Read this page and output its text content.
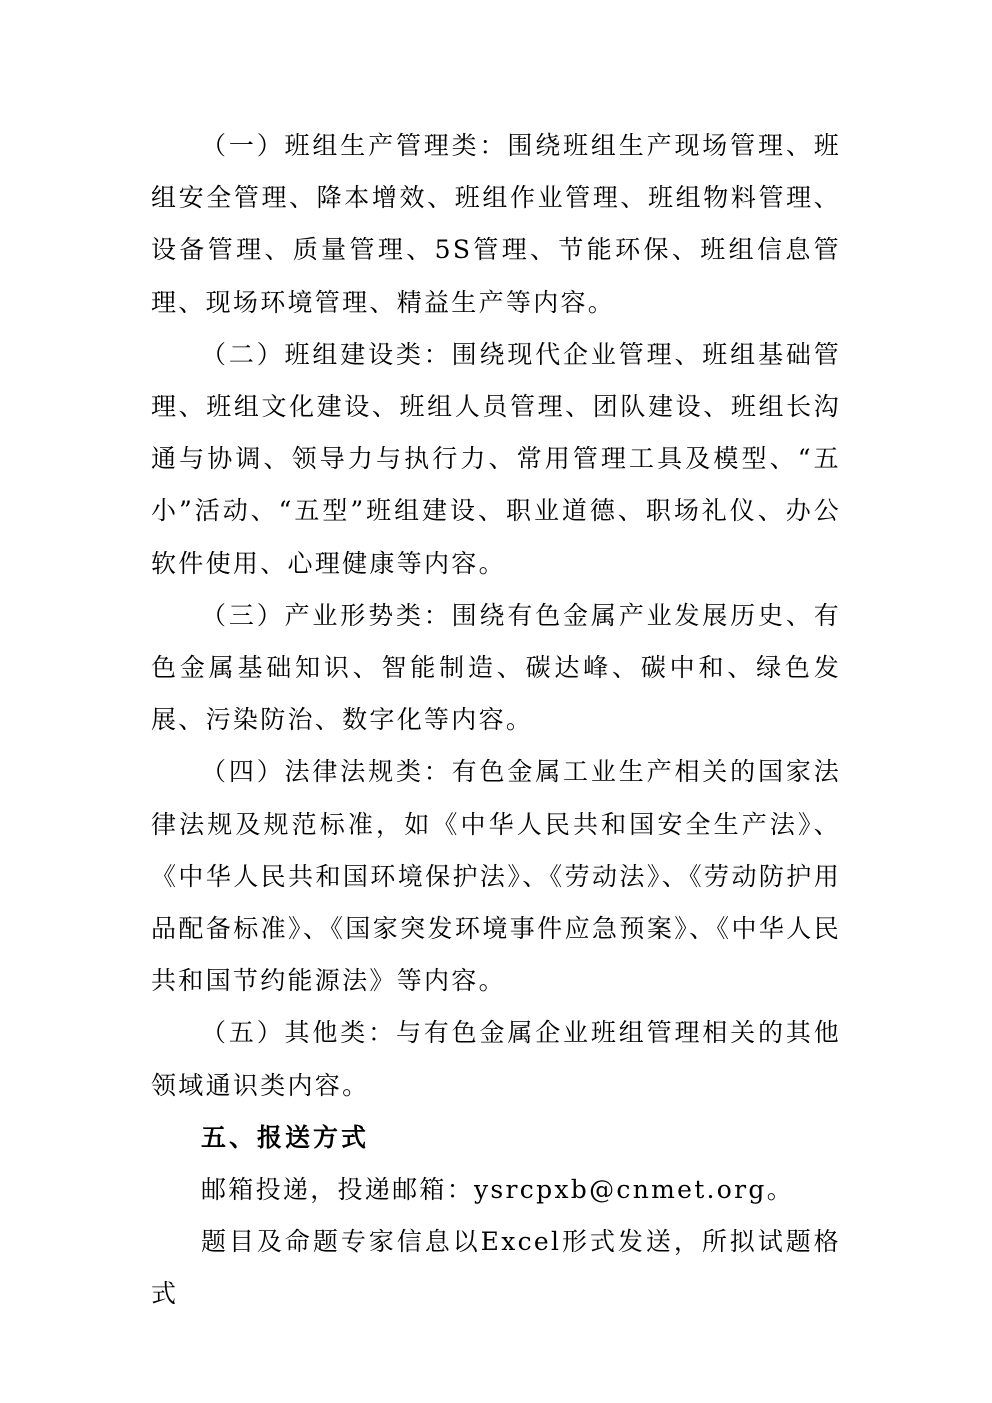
（一）班组生产管理类：围绕班组生产现场管理、班组安全管理、降本增效、班组作业管理、班组物料管理、设备管理、质量管理、5S管理、节能环保、班组信息管理、现场环境管理、精益生产等内容。

（二）班组建设类：围绕现代企业管理、班组基础管理、班组文化建设、班组人员管理、团队建设、班组长沟通与协调、领导力与执行力、常用管理工具及模型、“五小”活动、“五型”班组建设、职业道德、职场礼仪、办公软件使用、心理健康等内容。

（三）产业形势类：围绕有色金属产业发展历史、有色金属基础知识、智能制造、碳达峰、碳中和、绿色发展、污染防治、数字化等内容。

（四）法律法规类：有色金属工业生产相关的国家法律法规及规范标准，如《中华人民共和国安全生产法》、《中华人民共和国环境保护法》、《劳动法》、《劳动防护用品配备标准》、《国家突发环境事件应急预案》、《中华人民共和国节约能源法》等内容。

（五）其他类：与有色金属企业班组管理相关的其他领域通识类内容。

五、报送方式

邮箱投递，投递邮箱：ysrcpxb@cnmet.org。

题目及命题专家信息以Excel形式发送，所拟试题格式
